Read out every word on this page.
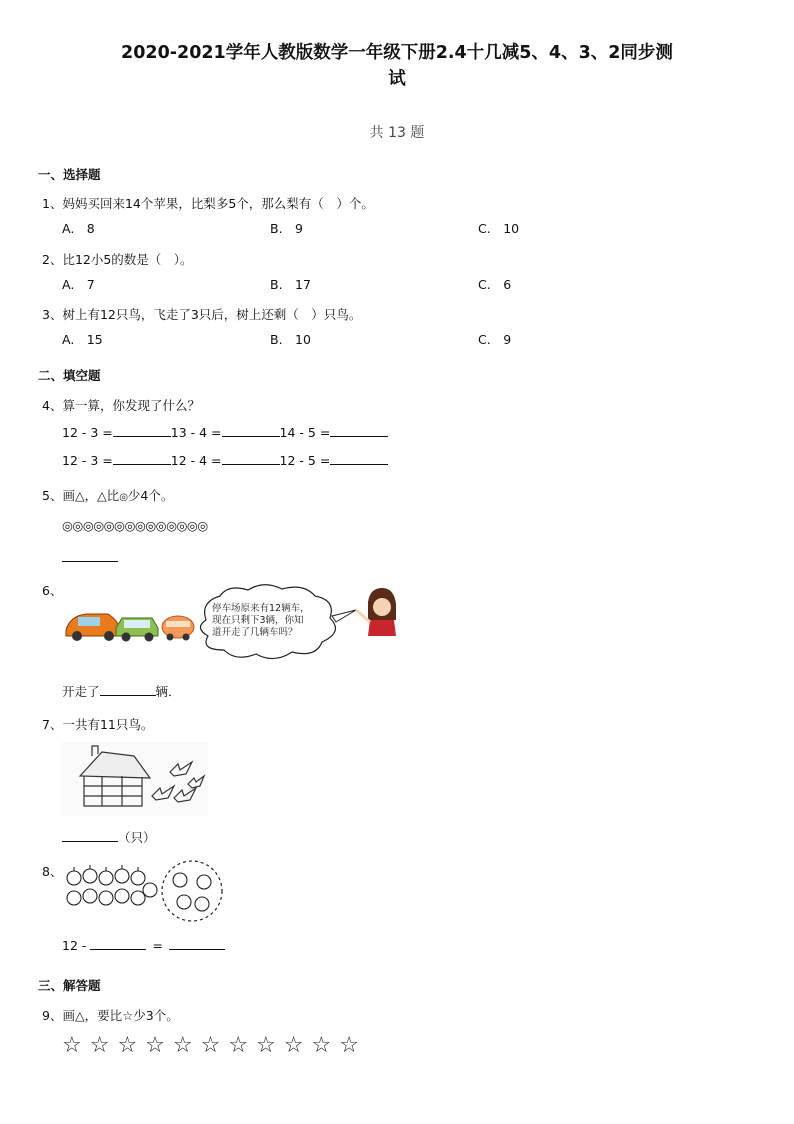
2020-2021学年人教版数学一年级下册2.4十几减5、4、3、2同步测
试
共 13 题
一、选择题
1、妈妈买回来14个苹果，比梨多5个，那么梨有（　）个。
A.　8	B.　9	C.　10
2、比12小5的数是（　）。
A.　7	B.　17	C.　6
3、树上有12只鸟，飞走了3只后，树上还剩（　）只鸟。
A.　15	B.　10	C.　9
二、填空题
4、算一算，你发现了什么？
12 - 3 =	13 - 4 =	14 - 5 =
12 - 3 =	12 - 4 =	12 - 5 =
5、画△，△比◎少4个。
◎◎◎◎◎◎◎◎◎◎◎◎◎◎
6、
停车场原来有12辆车，
现在只剩下3辆，你知
道开走了几辆车吗？
开走了	辆．
7、一共有11只鸟。
（只）
8、
12 -	=
三、解答题
9、画△，要比☆少3个。
☆☆☆☆☆☆☆☆☆☆☆
